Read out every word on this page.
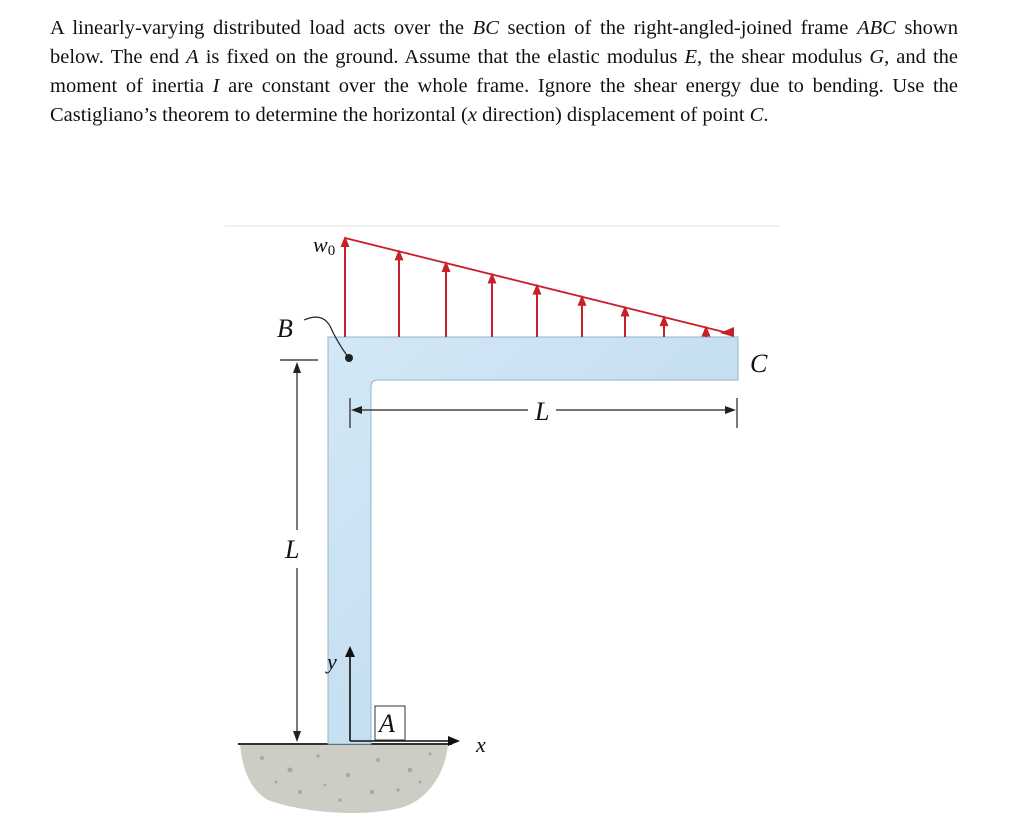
A linearly-varying distributed load acts over the BC section of the right-angled-joined frame ABC shown below. The end A is fixed on the ground. Assume that the elastic modulus E, the shear modulus G, and the moment of inertia I are constant over the whole frame. Ignore the shear energy due to bending. Use the Castigliano’s theorem to determine the horizontal (x direction) displacement of point C.

w0
B
C
L
L
y
x
A
